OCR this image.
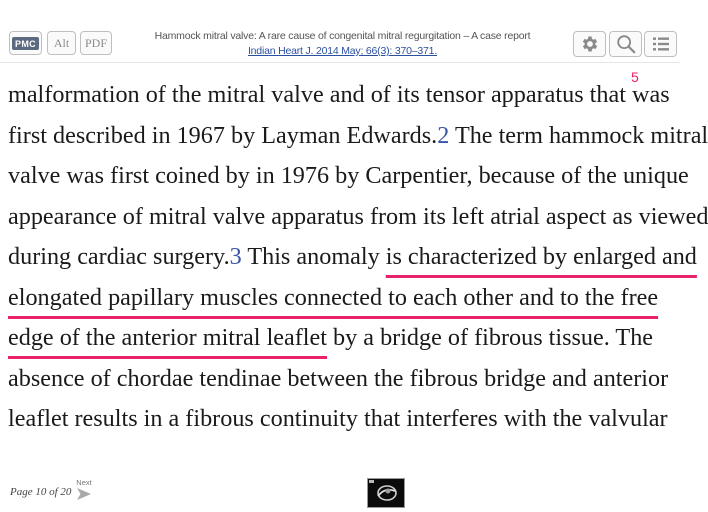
PMC Alt PDF	Hammock mitral valve: A rare cause of congenital mitral regurgitation – A case report
Indian Heart J. 2014 May; 66(3): 370–371.
5
malformation of the mitral valve and of its tensor apparatus that was
first described in 1967 by Layman Edwards.2 The term hammock mitral
valve was first coined by in 1976 by Carpentier, because of the unique
appearance of mitral valve apparatus from its left atrial aspect as viewed
during cardiac surgery.3 This anomaly is characterized by enlarged and
elongated papillary muscles connected to each other and to the free
edge of the anterior mitral leaflet by a bridge of fibrous tissue. The
absence of chordae tendinae between the fibrous bridge and anterior
leaflet results in a fibrous continuity that interferes with the valvular
Page 10 of 20
Next
